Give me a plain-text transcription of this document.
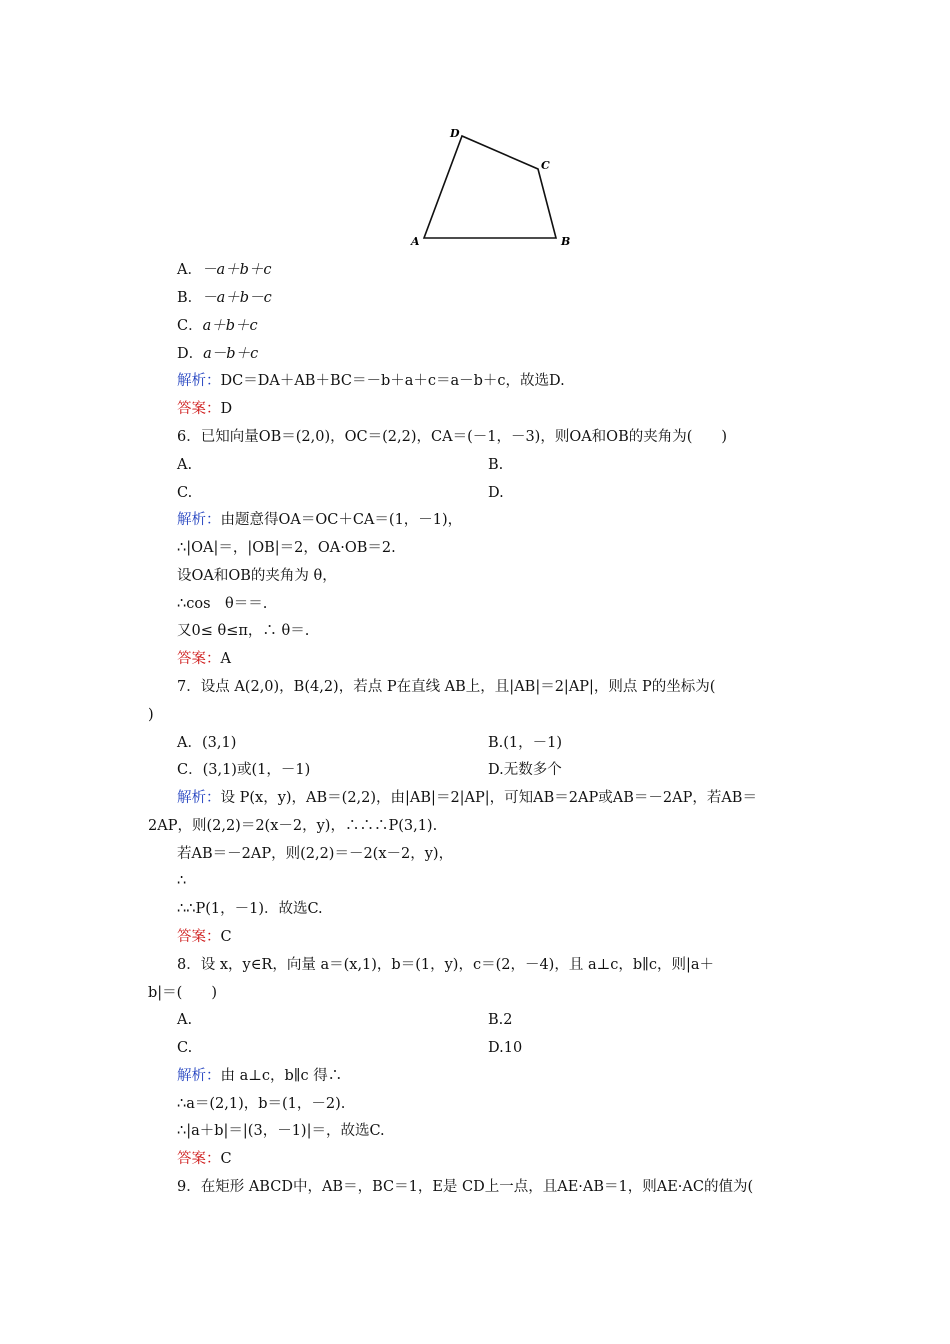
A	B
C
D
A．－a＋b＋c
B．－a＋b－c
C．a＋b＋c
D．a－b＋c
解析：DC＝DA＋AB＋BC＝－b＋a＋c＝a－b＋c，故选D.
答案：D
6．已知向量OB＝(2,0)，OC＝(2,2)，CA＝(－1，－3)，则OA和OB的夹角为(　　)
A.	B.
C.	D.
解析：由题意得OA＝OC＋CA＝(1，－1)，
∴|OA|＝，|OB|＝2，OA·OB＝2.
设OA和OB的夹角为 θ，
∴cos　θ＝＝.
又0≤ θ≤π，∴ θ＝.
答案：A
7．设点 A(2,0)，B(4,2)，若点 P在直线 AB上，且|AB|＝2|AP|，则点 P的坐标为(
)
A．(3,1)	B.(1，－1)
C．(3,1)或(1，－1)	D.无数多个
解析：设 P(x，y)，AB＝(2,2)，由|AB|＝2|AP|，可知AB＝2AP或AB＝－2AP，若AB＝
2AP，则(2,2)＝2(x－2，y)，∴∴∴P(3,1).
若AB＝－2AP，则(2,2)＝－2(x－2，y)，
∴
∴∴P(1，－1)．故选C.
答案：C
8．设 x，y∈R，向量 a＝(x,1)，b＝(1，y)，c＝(2，－4)，且 a⊥c，b∥c，则|a＋
b|＝(　　)
A.	B.2
C.	D.10
解析：由 a⊥c，b∥c 得∴
∴a＝(2,1)，b＝(1，－2).
∴|a＋b|＝|(3，－1)|＝，故选C.
答案：C
9．在矩形 ABCD中，AB＝，BC＝1，E是 CD上一点，且AE·AB＝1，则AE·AC的值为(
